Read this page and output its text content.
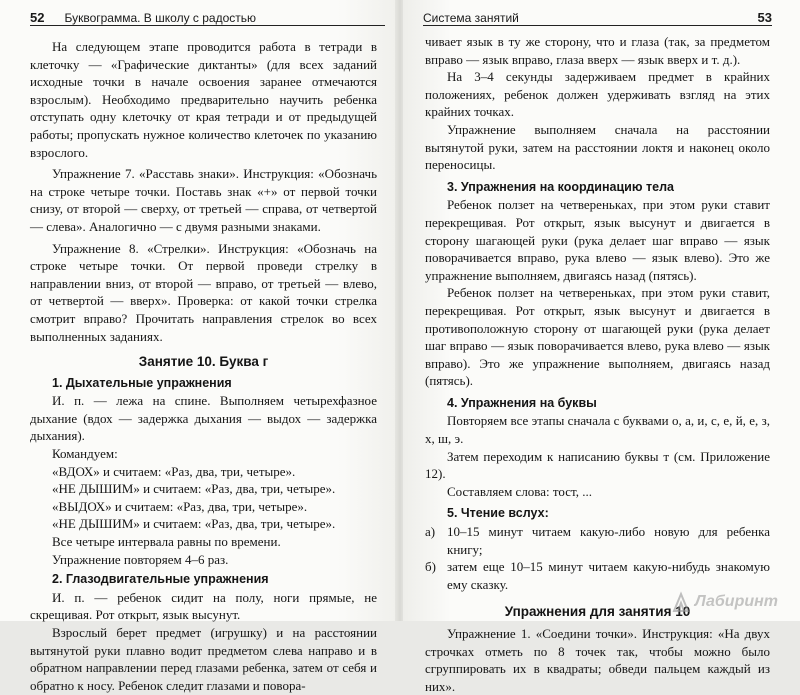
52 Буквограмма. В школу с радостью

На следующем этапе проводится работа в тетради в клеточку — «Графические диктанты» (для всех заданий исходные точки в начале освоения заранее отмечаются взрослым). Необходимо предварительно научить ребенка отступать одну клеточку от края тетради и от предыдущей работы; пропускать нужное количество клеточек по указанию взрослого.

Упражнение 7. «Расставь знаки». Инструкция: «Обозначь на строке четыре точки. Поставь знак «+» от первой точки снизу, от второй — сверху, от третьей — справа, от четвертой — слева». Аналогично — с двумя разными знаками.

Упражнение 8. «Стрелки». Инструкция: «Обозначь на строке четыре точки. От первой проведи стрелку в направлении вниз, от второй — вправо, от третьей — влево, от четвертой — вверх». Проверка: от какой точки стрелка смотрит вправо? Прочитать направления стрелок во всех выполненных заданиях.

Занятие 10. Буква г

1. Дыхательные упражнения

И. п. — лежа на спине. Выполняем четырехфазное дыхание (вдох — задержка дыхания — выдох — задержка дыхания).

Командуем:

«ВДОХ» и считаем: «Раз, два, три, четыре».

«НЕ ДЫШИМ» и считаем: «Раз, два, три, четыре».

«ВЫДОХ» и считаем: «Раз, два, три, четыре».

«НЕ ДЫШИМ» и считаем: «Раз, два, три, четыре».

Все четыре интервала равны по времени.

Упражнение повторяем 4–6 раз.

2. Глазодвигательные упражнения

И. п. — ребенок сидит на полу, ноги прямые, не скрещивая. Рот открыт, язык высунут.

Взрослый берет предмет (игрушку) и на расстоянии вытянутой руки плавно водит предметом слева направо и в обратном направлении перед глазами ребенка, затем от себя и обратно к носу. Ребенок следит глазами и повора-

Система занятий	53

чивает язык в ту же сторону, что и глаза (так, за предметом вправо — язык вправо, глаза вверх — язык вверх и т. д.).

На 3–4 секунды задерживаем предмет в крайних положениях, ребенок должен удерживать взгляд на этих крайних точках.

Упражнение выполняем сначала на расстоянии вытянутой руки, затем на расстоянии локтя и наконец около переносицы.

3. Упражнения на координацию тела

Ребенок ползет на четвереньках, при этом руки ставит перекрещивая. Рот открыт, язык высунут и двигается в сторону шагающей руки (рука делает шаг вправо — язык поворачивается вправо, рука влево — язык влево). Это же упражнение выполняем, двигаясь назад (пятясь).

Ребенок ползет на четвереньках, при этом руки ставит, перекрещивая. Рот открыт, язык высунут и двигается в противоположную сторону от шагающей руки (рука делает шаг вправо — язык поворачивается влево, рука влево — язык вправо). Это же упражнение выполняем, двигаясь назад (пятясь).

4. Упражнения на буквы

Повторяем все этапы сначала с буквами о, а, и, с, е, й, е, з, х, ш, э.

Затем переходим к написанию буквы т (см. Приложение 12).

Составляем слова: тост, ...

5. Чтение вслух:

а) 10–15 минут читаем какую-либо новую для ребенка книгу;
б) затем еще 10–15 минут читаем какую-нибудь знакомую ему сказку.
Упражнения для занятия 10

Упражнение 1. «Соедини точки». Инструкция: «На двух строчках отметь по 8 точек так, чтобы можно было сгруппировать их в квадраты; обведи пальцем каждый из них».

Лабиринт
